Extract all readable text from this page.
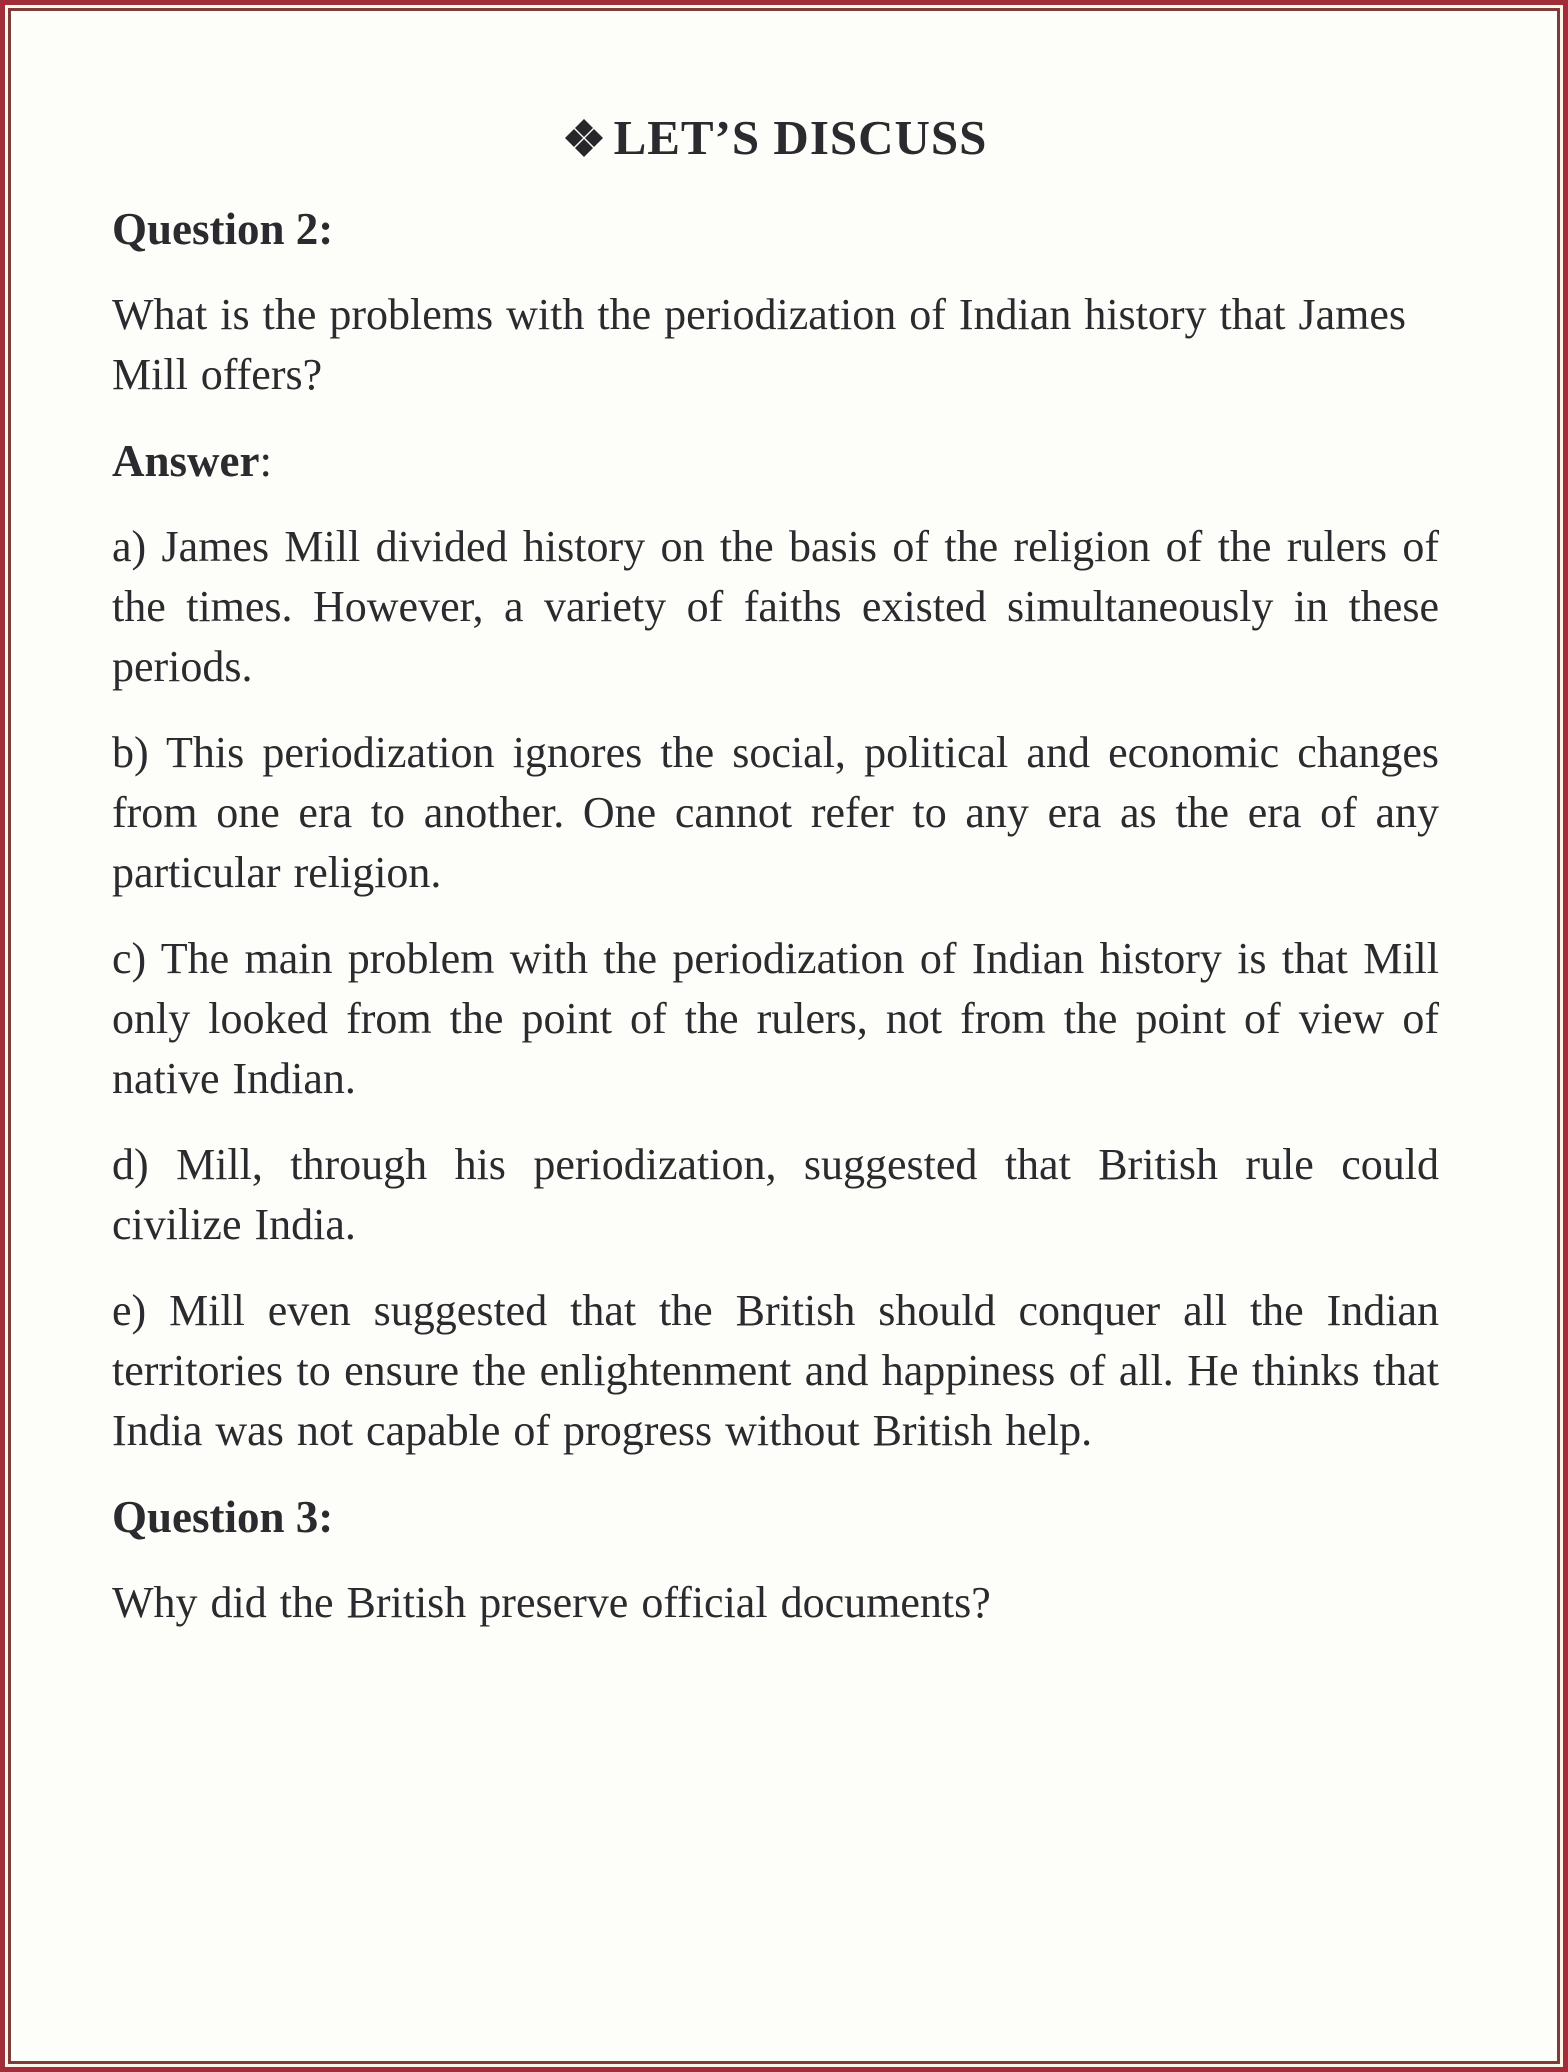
LET’S DISCUSS
Question 2:

What is the problems with the periodization of Indian history that James Mill offers?

Answer:

a) James Mill divided history on the basis of the religion of the rulers of the times. However, a variety of faiths existed simultaneously in these periods.

b) This periodization ignores the social, political and economic changes from one era to another. One cannot refer to any era as the era of any particular religion.

c) The main problem with the periodization of Indian history is that Mill only looked from the point of the rulers, not from the point of view of native Indian.

d) Mill, through his periodization, suggested that British rule could civilize India.

e) Mill even suggested that the British should conquer all the Indian territories to ensure the enlightenment and happiness of all. He thinks that India was not capable of progress without British help.

Question 3:

Why did the British preserve official documents?
